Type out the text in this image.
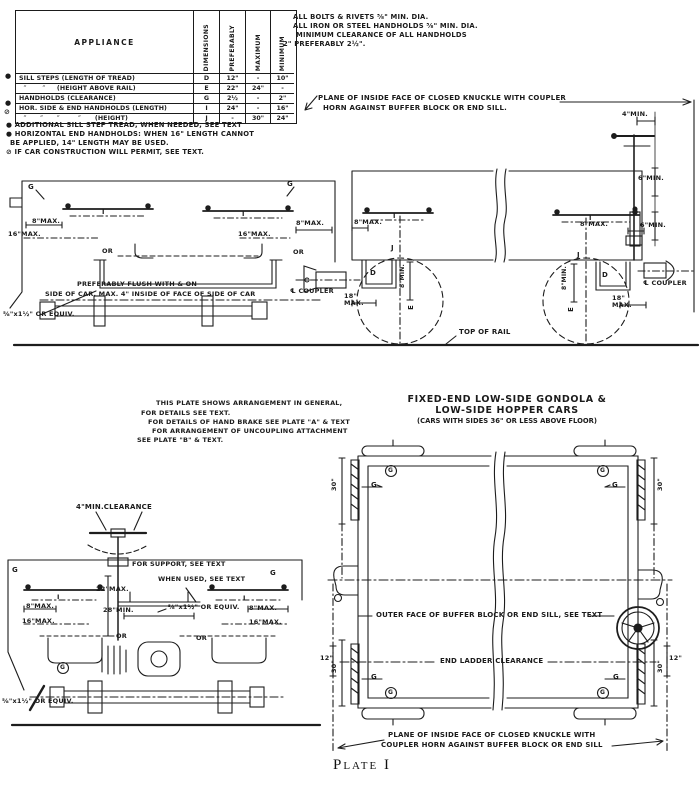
APPLIANCE	DIMENSIONS	PREFERABLY	MAXIMUM	MINIMUM
SILL STEPS (LENGTH OF TREAD)	D	12"	-	10"
″       ″     (HEIGHT ABOVE RAIL)	E	22"	24"	-
HANDHOLDS (CLEARANCE)	G	2½	-	2"
HOR. SIDE & END HANDHOLDS (LENGTH)	I	24"	-	16"
″      ″      ″        ″      (HEIGHT)	J	-	30"	24"
●
●
⊘
ALL BOLTS & RIVETS ⅝" MIN. DIA.
ALL IRON OR STEEL HANDHOLDS ⅝" MIN. DIA.
MINIMUM CLEARANCE OF ALL HANDHOLDS
2" PREFERABLY 2½".
PLANE OF INSIDE FACE OF CLOSED KNUCKLE WITH COUPLER
HORN AGAINST BUFFER BLOCK OR END SILL.
4"MIN.
● ADDITIONAL SILL STEP TREAD, WHEN NEEDED, SEE TEXT
● HORIZONTAL END HANDHOLDS: WHEN 16" LENGTH CANNOT
BE APPLIED, 14" LENGTH MAY BE USED.
⊘ IF CAR CONSTRUCTION WILL PERMIT, SEE TEXT.
G	G
I	I
8"MAX.	8"MAX.
16"MAX.	16"MAX.
OR	OR
PREFERABLY FLUSH WITH & ON
SIDE OF CAR, MAX. 4" INSIDE OF FACE OF SIDE OF CAR
⅝"x1½" OR EQUIV.
6"MIN.
6"MIN.
8"MAX.	8"MAX.
I	I
J
J
D	D
8"MIN.	8"MIN.
18" MAX.
18" MAX.
E	E
TOP OF RAIL
℄ COUPLER
℄ COUPLER
THIS PLATE SHOWS ARRANGEMENT IN GENERAL,
FOR DETAILS SEE TEXT.
FOR DETAILS OF HAND BRAKE SEE PLATE "A" & TEXT
FOR ARRANGEMENT OF UNCOUPLING ATTACHMENT
SEE PLATE "B" & TEXT.
FIXED-END LOW-SIDE GONDOLA &
LOW-SIDE HOPPER CARS
(CARS WITH SIDES 36" OR LESS ABOVE FLOOR)
4"MIN.CLEARANCE
FOR SUPPORT, SEE TEXT
WHEN USED, SEE TEXT
22"MAX.
28"MIN.	⅝"x1½" OR EQUIV.
8"MAX.	8"MAX.
16"MAX.	16"MAX.
I	I
OR	OR
G	G
G
⅝"x1½" OR EQUIV.
G	G
G	G
G	G
G	G
30"	30"
30"	30"
12"	12"
OUTER FACE OF BUFFER BLOCK OR END SILL, SEE TEXT
END LADDER CLEARANCE
PLANE OF INSIDE FACE OF CLOSED KNUCKLE WITH
COUPLER HORN AGAINST BUFFER BLOCK OR END SILL
Plate I
